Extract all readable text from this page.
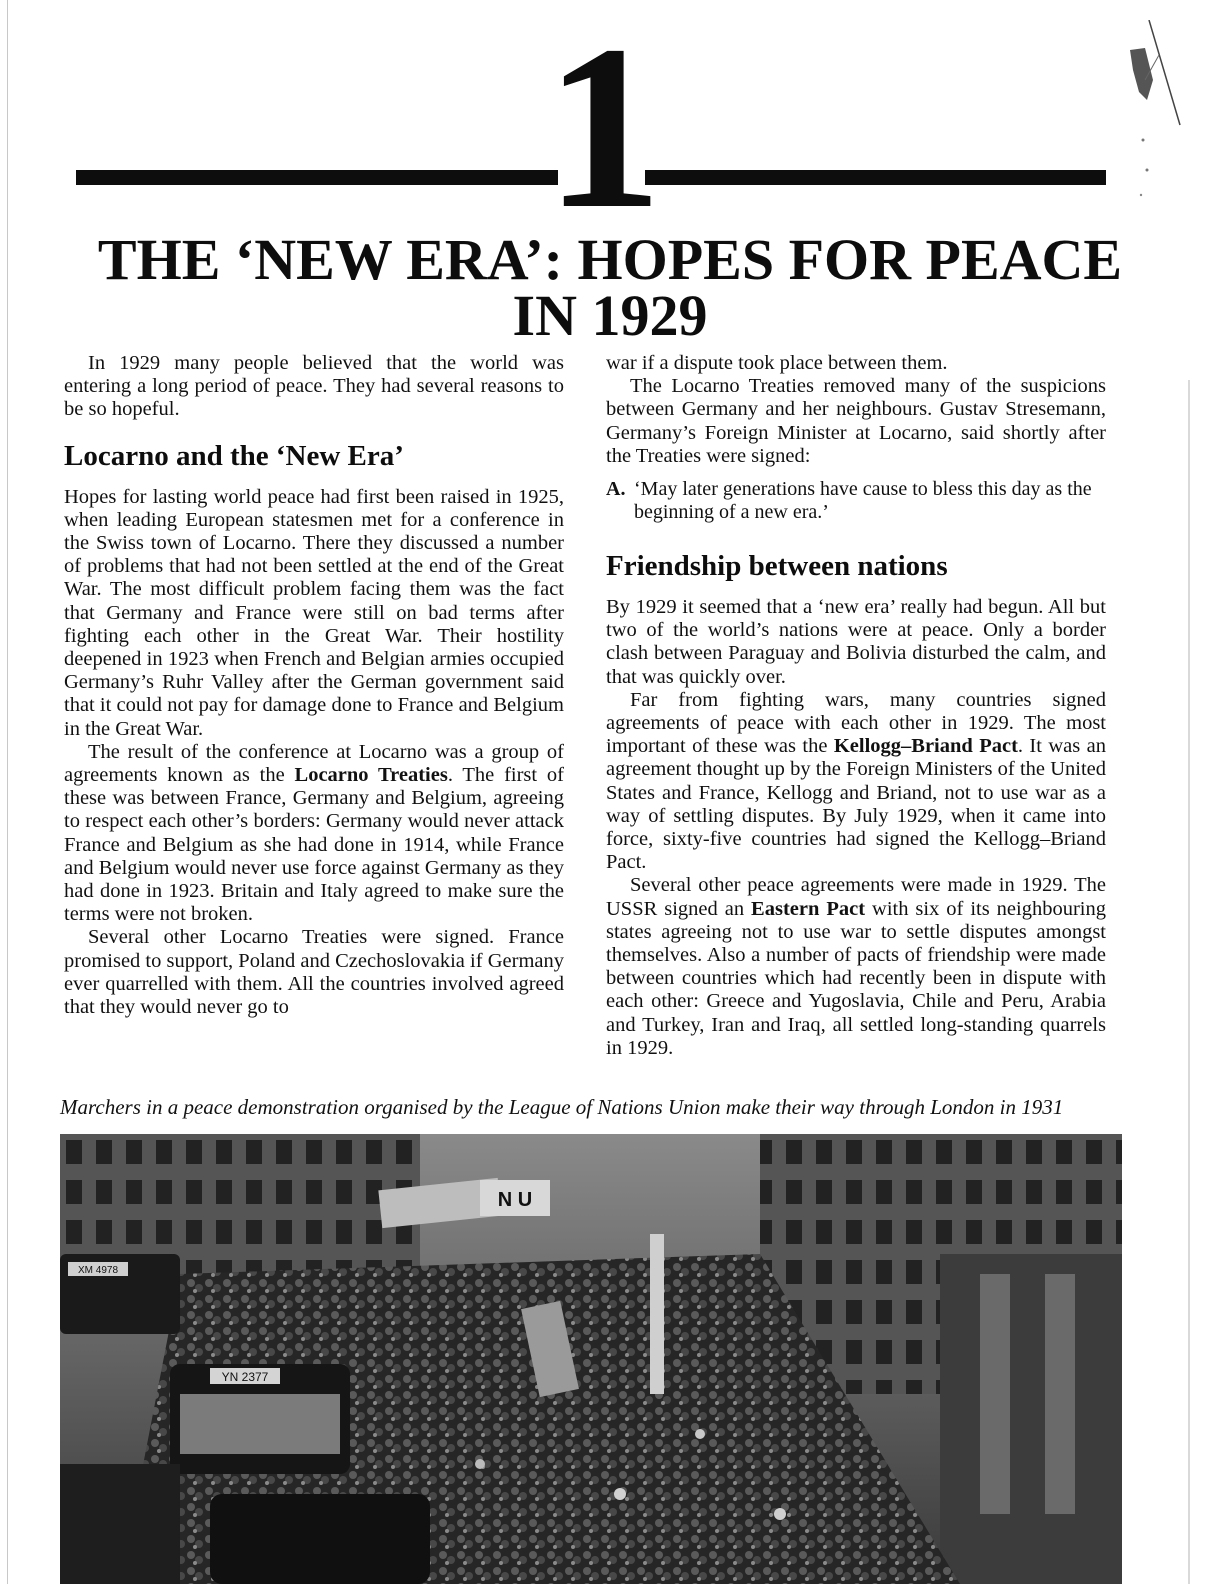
1
THE ‘NEW ERA’: HOPES FOR PEACE IN 1929

In 1929 many people believed that the world was entering a long period of peace. They had several reasons to be so hopeful.

Locarno and the ‘New Era’

Hopes for lasting world peace had first been raised in 1925, when leading European statesmen met for a conference in the Swiss town of Locarno. There they discussed a number of problems that had not been settled at the end of the Great War. The most difficult problem facing them was the fact that Germany and France were still on bad terms after fighting each other in the Great War. Their hostility deepened in 1923 when French and Belgian armies occupied Germany’s Ruhr Valley after the German government said that it could not pay for damage done to France and Belgium in the Great War.

The result of the conference at Locarno was a group of agreements known as the Locarno Treaties. The first of these was between France, Germany and Belgium, agreeing to respect each other’s borders: Germany would never attack France and Belgium as she had done in 1914, while France and Belgium would never use force against Germany as they had done in 1923. Britain and Italy agreed to make sure the terms were not broken.

Several other Locarno Treaties were signed. France promised to support, Poland and Czechoslovakia if Germany ever quarrelled with them. All the countries involved agreed that they would never go to

war if a dispute took place between them.

The Locarno Treaties removed many of the suspicions between Germany and her neighbours. Gustav Stresemann, Germany’s Foreign Minister at Locarno, said shortly after the Treaties were signed:

A. ‘May later generations have cause to bless this day as the beginning of a new era.’
Friendship between nations

By 1929 it seemed that a ‘new era’ really had begun. All but two of the world’s nations were at peace. Only a border clash between Paraguay and Bolivia disturbed the calm, and that was quickly over.

Far from fighting wars, many countries signed agreements of peace with each other in 1929. The most important of these was the Kellogg–Briand Pact. It was an agreement thought up by the Foreign Ministers of the United States and France, Kellogg and Briand, not to use war as a way of settling disputes. By July 1929, when it came into force, sixty-five countries had signed the Kellogg–Briand Pact.

Several other peace agreements were made in 1929. The USSR signed an Eastern Pact with six of its neighbouring states agreeing not to use war to settle disputes amongst themselves. Also a number of pacts of friendship were made between countries which had recently been in dispute with each other: Greece and Yugoslavia, Chile and Peru, Arabia and Turkey, Iran and Iraq, all settled long-standing quarrels in 1929.

Marchers in a peace demonstration organised by the League of Nations Union make their way through London in 1931

N U
XM 4978
YN 2377
